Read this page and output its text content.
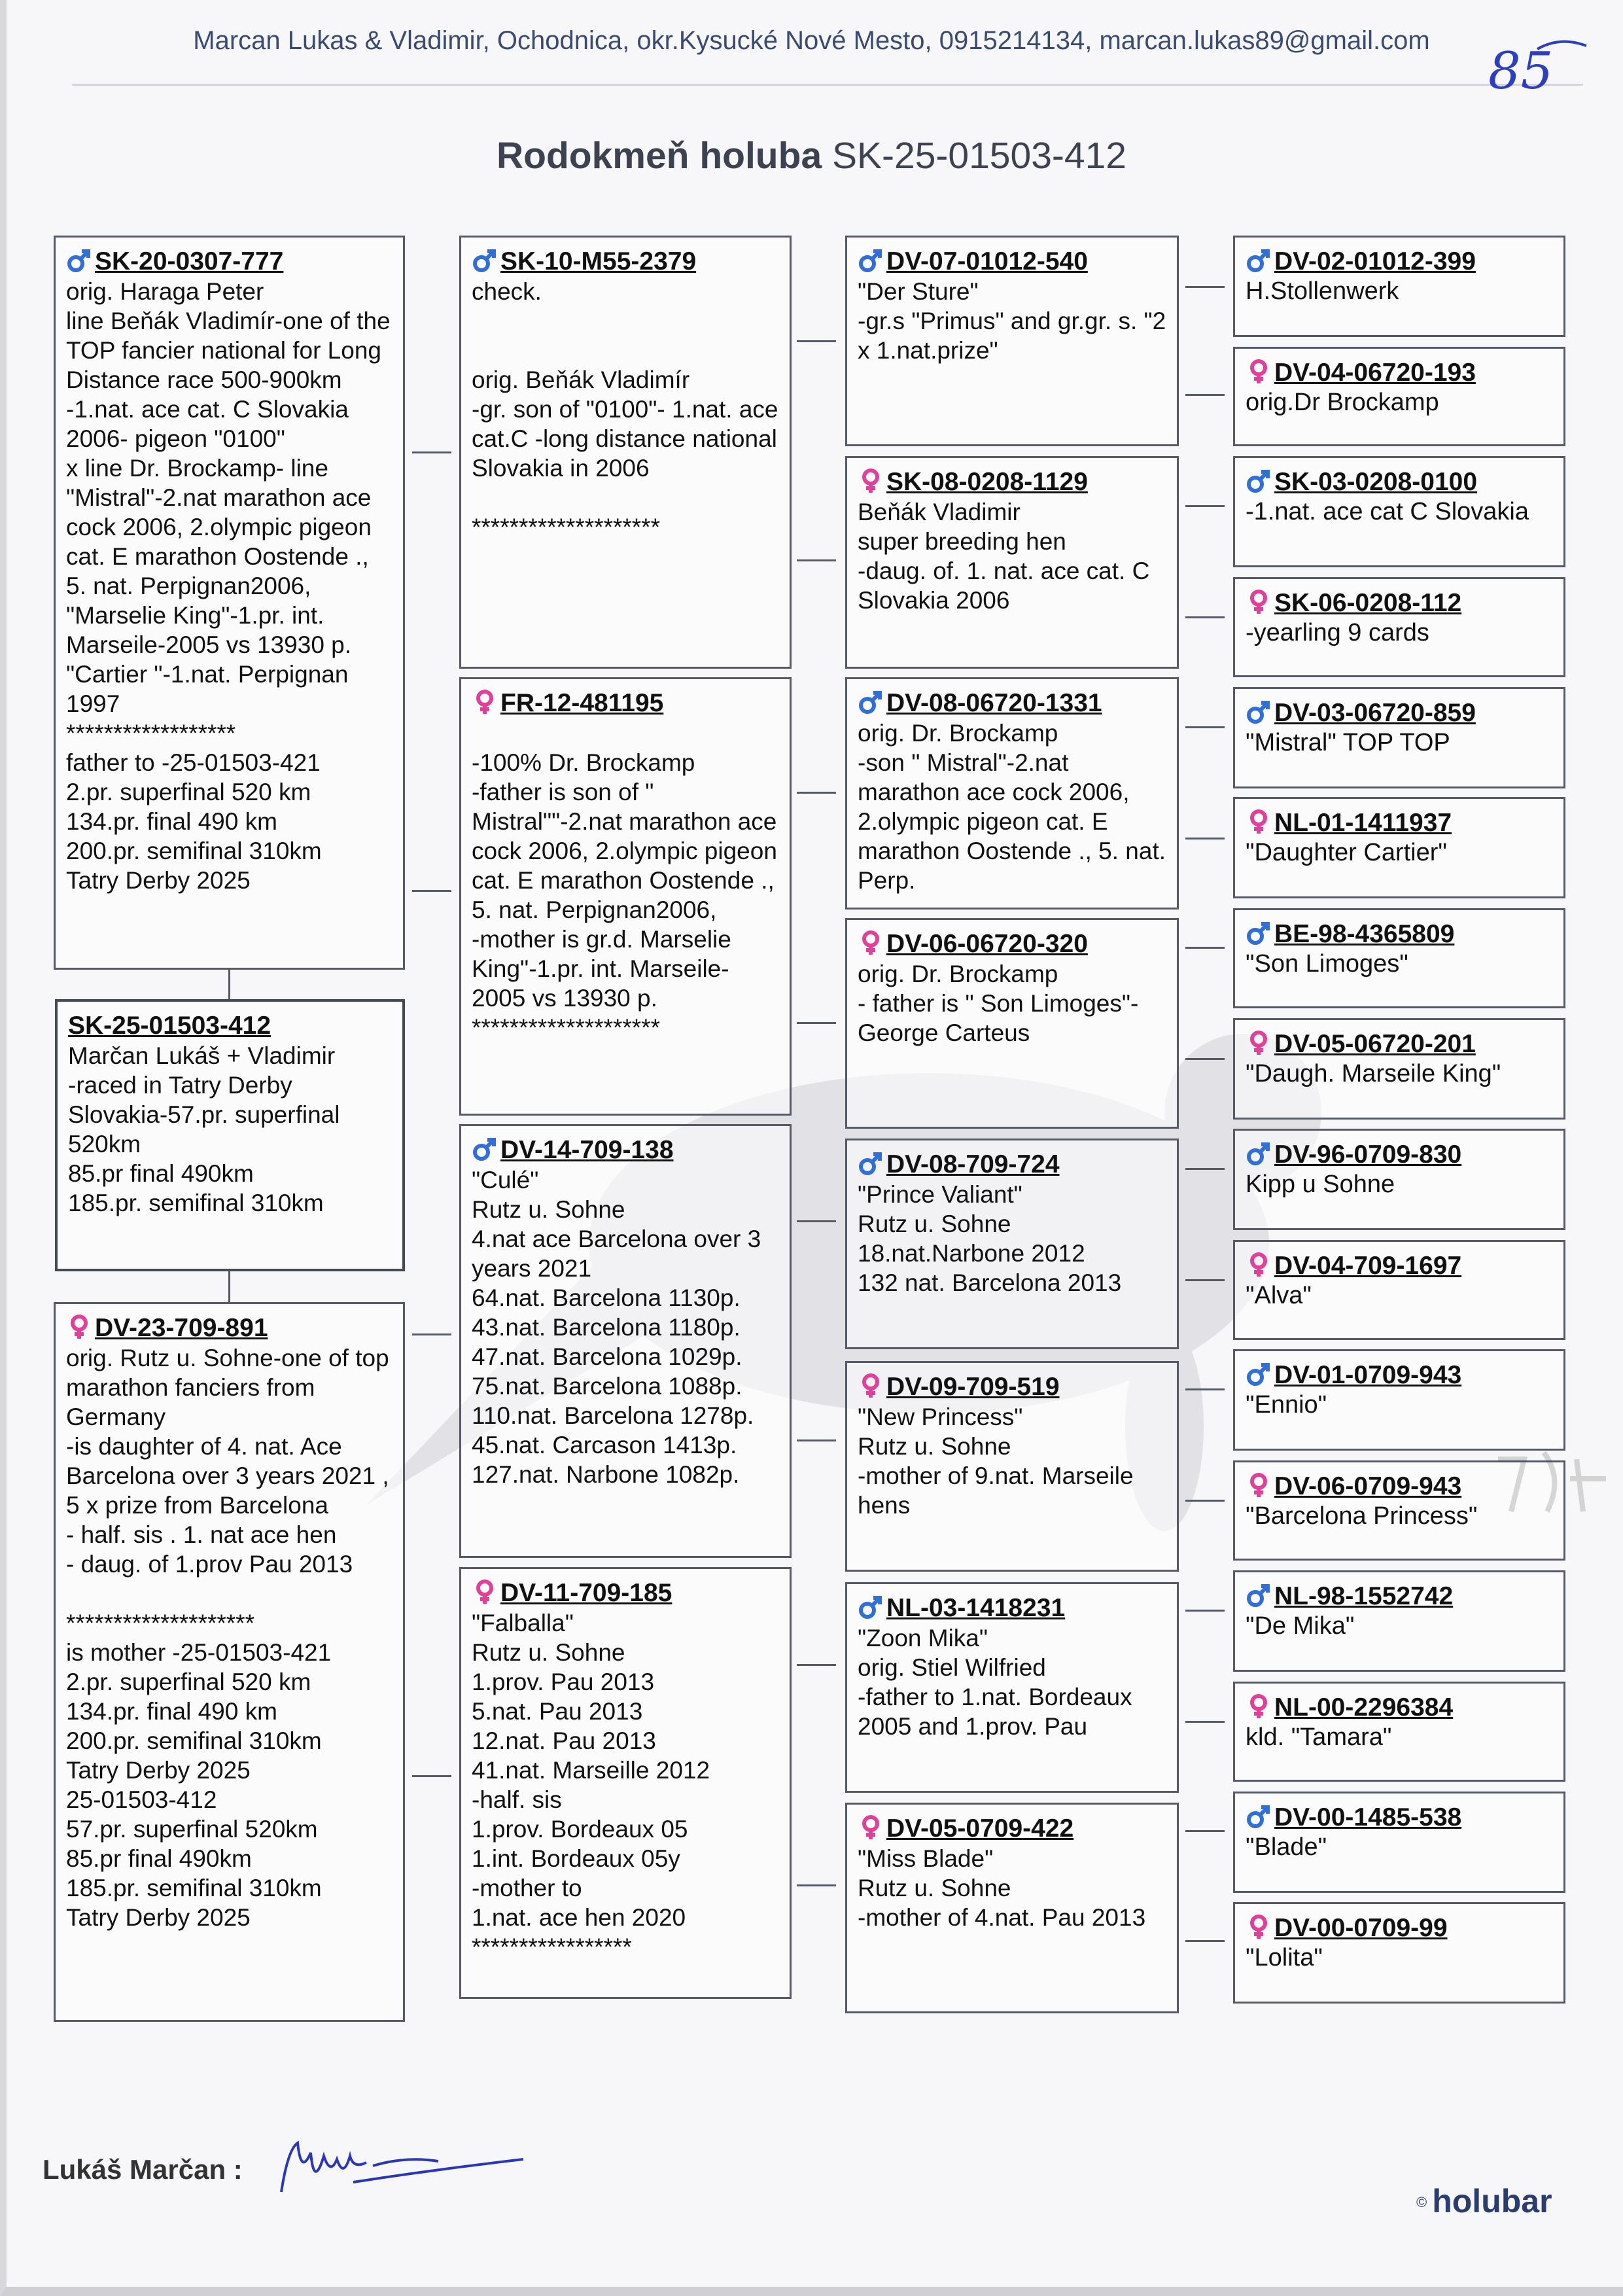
Marcan Lukas & Vladimir, Ochodnica, okr.Kysucké Nové Mesto, 0915214134, marcan.lukas89@gmail.com
85
Rodokmeň holuba SK-25-01503-412
SK-20-0307-777
orig. Haraga Peter
line Beňák Vladimír-one of the TOP fancier national for Long Distance race 500-900km
-1.nat. ace cat. C Slovakia 2006- pigeon "0100"
x line Dr. Brockamp- line "Mistral"-2.nat marathon ace cock 2006, 2.olympic pigeon cat. E marathon Oostende ., 5. nat. Perpignan2006, "Marselie King"-1.pr. int. Marseile-2005 vs 13930 p.
"Cartier "-1.nat. Perpignan 1997
******************
father to -25-01503-421
2.pr. superfinal 520 km
134.pr. final 490 km
200.pr. semifinal 310km
Tatry Derby 2025
SK-25-01503-412
Marčan Lukáš + Vladimir
-raced in Tatry Derby Slovakia-57.pr. superfinal 520km
85.pr final 490km
185.pr. semifinal 310km
DV-23-709-891
orig. Rutz u. Sohne-one of top marathon fanciers from Germany
-is daughter of 4. nat. Ace Barcelona over 3 years 2021 , 5 x prize from Barcelona
- half. sis . 1. nat ace hen
- daug. of 1.prov Pau 2013

********************
is mother -25-01503-421
2.pr. superfinal 520 km
134.pr. final 490 km
200.pr. semifinal 310km
Tatry Derby 2025
25-01503-412
57.pr. superfinal 520km
85.pr final 490km
185.pr. semifinal 310km
Tatry Derby 2025
SK-10-M55-2379
check.

orig. Beňák Vladimír
-gr. son of "0100"- 1.nat. ace cat.C -long distance national Slovakia in 2006

********************
FR-12-481195

-100% Dr. Brockamp
-father is son of " Mistral""-2.nat marathon ace cock 2006, 2.olympic pigeon cat. E marathon Oostende ., 5. nat. Perpignan2006,
-mother is gr.d. Marselie King"-1.pr. int. Marseile-2005 vs 13930 p.
********************
DV-14-709-138
"Culé"
Rutz u. Sohne
4.nat ace Barcelona over 3 years 2021
64.nat. Barcelona 1130p.
43.nat. Barcelona 1180p.
47.nat. Barcelona 1029p.
75.nat. Barcelona 1088p.
110.nat. Barcelona 1278p.
45.nat. Carcason 1413p.
127.nat. Narbone 1082p.
DV-11-709-185
"Falballa"
Rutz u. Sohne
1.prov. Pau 2013
5.nat. Pau 2013
12.nat. Pau 2013
41.nat. Marseille 2012
-half. sis
1.prov. Bordeaux 05
1.int. Bordeaux 05y
-mother to
1.nat. ace hen 2020
*****************
DV-07-01012-540
"Der Sture"
-gr.s "Primus" and gr.gr. s. "2 x 1.nat.prize"
SK-08-0208-1129
Beňák Vladimir
super breeding hen
-daug. of. 1. nat. ace cat. C Slovakia 2006
DV-08-06720-1331
orig. Dr. Brockamp
-son " Mistral"-2.nat marathon ace cock 2006, 2.olympic pigeon cat. E marathon Oostende ., 5. nat. Perp.
DV-06-06720-320
orig. Dr. Brockamp
- father is " Son Limoges"- George Carteus
DV-08-709-724
"Prince Valiant"
Rutz u. Sohne
18.nat.Narbone 2012
132 nat. Barcelona 2013
DV-09-709-519
"New Princess"
Rutz u. Sohne
-mother of 9.nat. Marseile hens
NL-03-1418231
"Zoon Mika"
orig. Stiel Wilfried
-father to 1.nat. Bordeaux 2005 and 1.prov. Pau
DV-05-0709-422
"Miss Blade"
Rutz u. Sohne
-mother of 4.nat. Pau 2013
DV-02-01012-399
H.Stollenwerk
DV-04-06720-193
orig.Dr Brockamp
SK-03-0208-0100
-1.nat. ace cat C Slovakia
SK-06-0208-112
-yearling 9 cards
DV-03-06720-859
"Mistral" TOP TOP
NL-01-1411937
"Daughter Cartier"
BE-98-4365809
"Son Limoges"
DV-05-06720-201
"Daugh. Marseile King"
DV-96-0709-830
Kipp u Sohne
DV-04-709-1697
"Alva"
DV-01-0709-943
"Ennio"
DV-06-0709-943
"Barcelona Princess"
NL-98-1552742
"De Mika"
NL-00-2296384
kld. "Tamara"
DV-00-1485-538
"Blade"
DV-00-0709-99
"Lolita"
Lukáš Marčan :
© holubar
